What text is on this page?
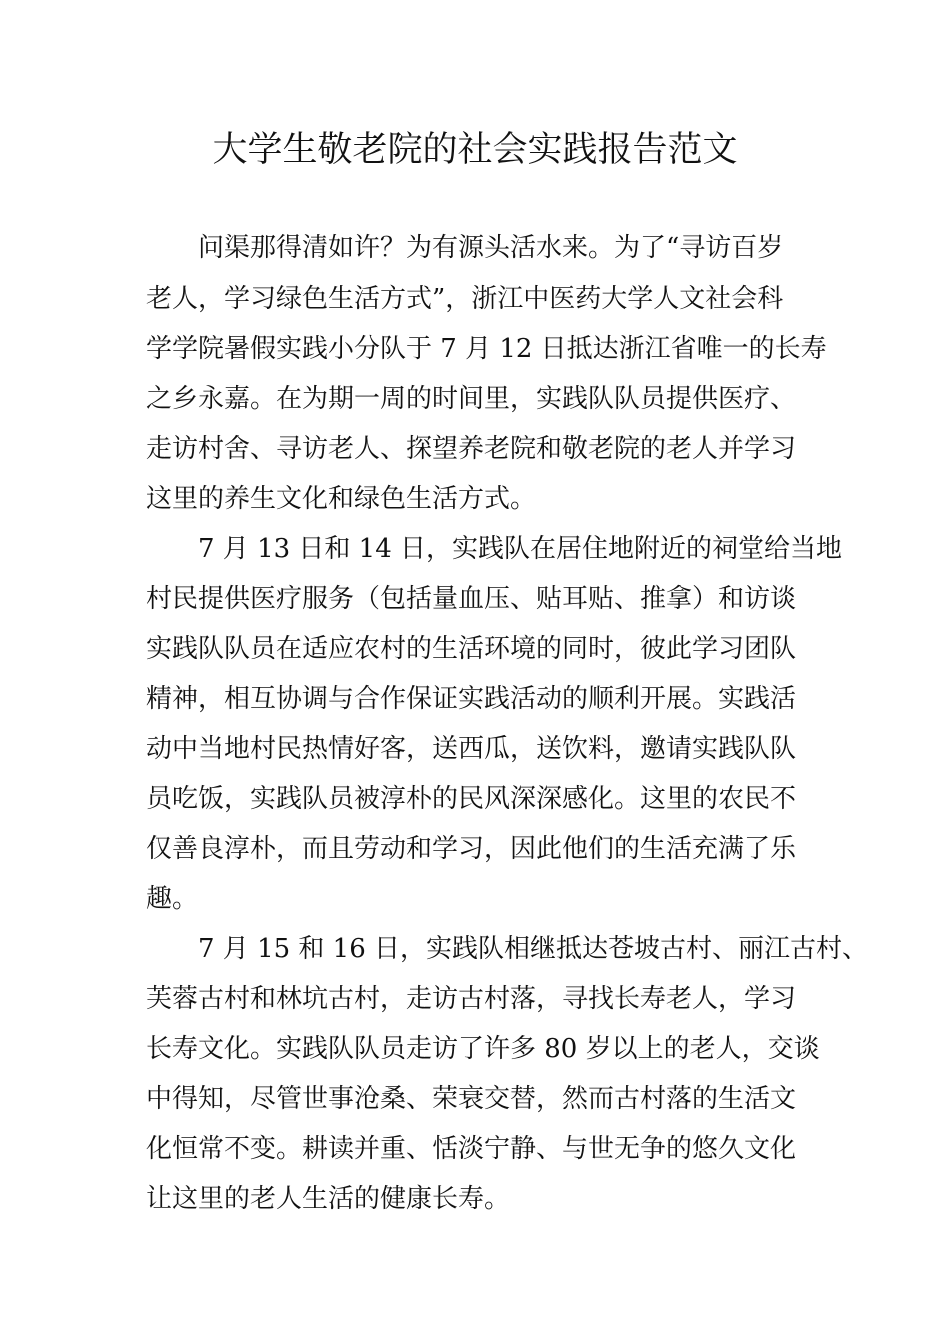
大学生敬老院的社会实践报告范文

问渠那得清如许？为有源头活水来。为了“寻访百岁

老人，学习绿色生活方式”，浙江中医药大学人文社会科

学学院暑假实践小分队于 7 月 12 日抵达浙江省唯一的长寿

之乡永嘉。在为期一周的时间里，实践队队员提供医疗、

走访村舍、寻访老人、探望养老院和敬老院的老人并学习

这里的养生文化和绿色生活方式。

7 月 13 日和 14 日，实践队在居住地附近的祠堂给当地

村民提供医疗服务（包括量血压、贴耳贴、推拿）和访谈

实践队队员在适应农村的生活环境的同时，彼此学习团队

精神，相互协调与合作保证实践活动的顺利开展。实践活

动中当地村民热情好客，送西瓜，送饮料，邀请实践队队

员吃饭，实践队员被淳朴的民风深深感化。这里的农民不

仅善良淳朴，而且劳动和学习，因此他们的生活充满了乐

趣。

7 月 15 和 16 日，实践队相继抵达苍坡古村、丽江古村、

芙蓉古村和林坑古村，走访古村落，寻找长寿老人，学习

长寿文化。实践队队员走访了许多 80 岁以上的老人，交谈

中得知，尽管世事沧桑、荣衰交替，然而古村落的生活文

化恒常不变。耕读并重、恬淡宁静、与世无争的悠久文化

让这里的老人生活的健康长寿。
